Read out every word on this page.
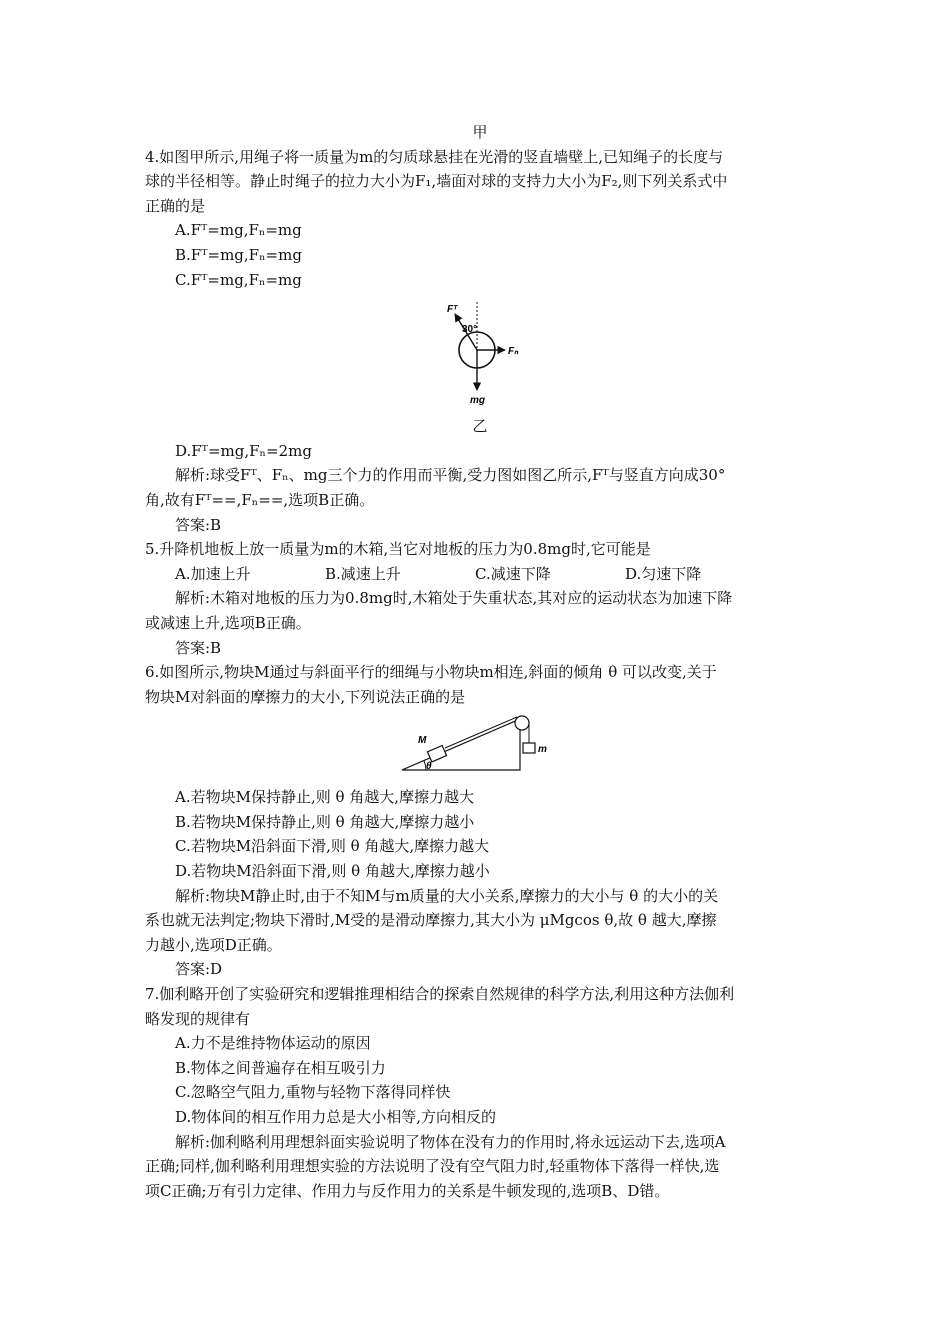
甲

4.如图甲所示,用绳子将一质量为m的匀质球悬挂在光滑的竖直墙壁上,已知绳子的长度与

球的半径相等。静止时绳子的拉力大小为F₁,墙面对球的支持力大小为F₂,则下列关系式中

正确的是

A.Fᵀ=mg,Fₙ=mg

B.Fᵀ=mg,Fₙ=mg

C.Fᵀ=mg,Fₙ=mg

Fᵀ
30°
Fₙ
mg

乙

D.Fᵀ=mg,Fₙ=2mg

解析:球受Fᵀ、Fₙ、mg三个力的作用而平衡,受力图如图乙所示,Fᵀ与竖直方向成30°

角,故有Fᵀ==,Fₙ==,选项B正确。

答案:B

5.升降机地板上放一质量为m的木箱,当它对地板的压力为0.8mg时,它可能是

A.加速上升	B.减速上升	C.减速下降	D.匀速下降

解析:木箱对地板的压力为0.8mg时,木箱处于失重状态,其对应的运动状态为加速下降

或减速上升,选项B正确。

答案:B

6.如图所示,物块M通过与斜面平行的细绳与小物块m相连,斜面的倾角 θ 可以改变,关于

物块M对斜面的摩擦力的大小,下列说法正确的是

M
m
θ

A.若物块M保持静止,则 θ 角越大,摩擦力越大

B.若物块M保持静止,则 θ 角越大,摩擦力越小

C.若物块M沿斜面下滑,则 θ 角越大,摩擦力越大

D.若物块M沿斜面下滑,则 θ 角越大,摩擦力越小

解析:物块M静止时,由于不知M与m质量的大小关系,摩擦力的大小与 θ 的大小的关

系也就无法判定;物块下滑时,M受的是滑动摩擦力,其大小为 μMgcos θ,故 θ 越大,摩擦

力越小,选项D正确。

答案:D

7.伽利略开创了实验研究和逻辑推理相结合的探索自然规律的科学方法,利用这种方法伽利

略发现的规律有

A.力不是维持物体运动的原因

B.物体之间普遍存在相互吸引力

C.忽略空气阻力,重物与轻物下落得同样快

D.物体间的相互作用力总是大小相等,方向相反的

解析:伽利略利用理想斜面实验说明了物体在没有力的作用时,将永远运动下去,选项A

正确;同样,伽利略利用理想实验的方法说明了没有空气阻力时,轻重物体下落得一样快,选

项C正确;万有引力定律、作用力与反作用力的关系是牛顿发现的,选项B、D错。
